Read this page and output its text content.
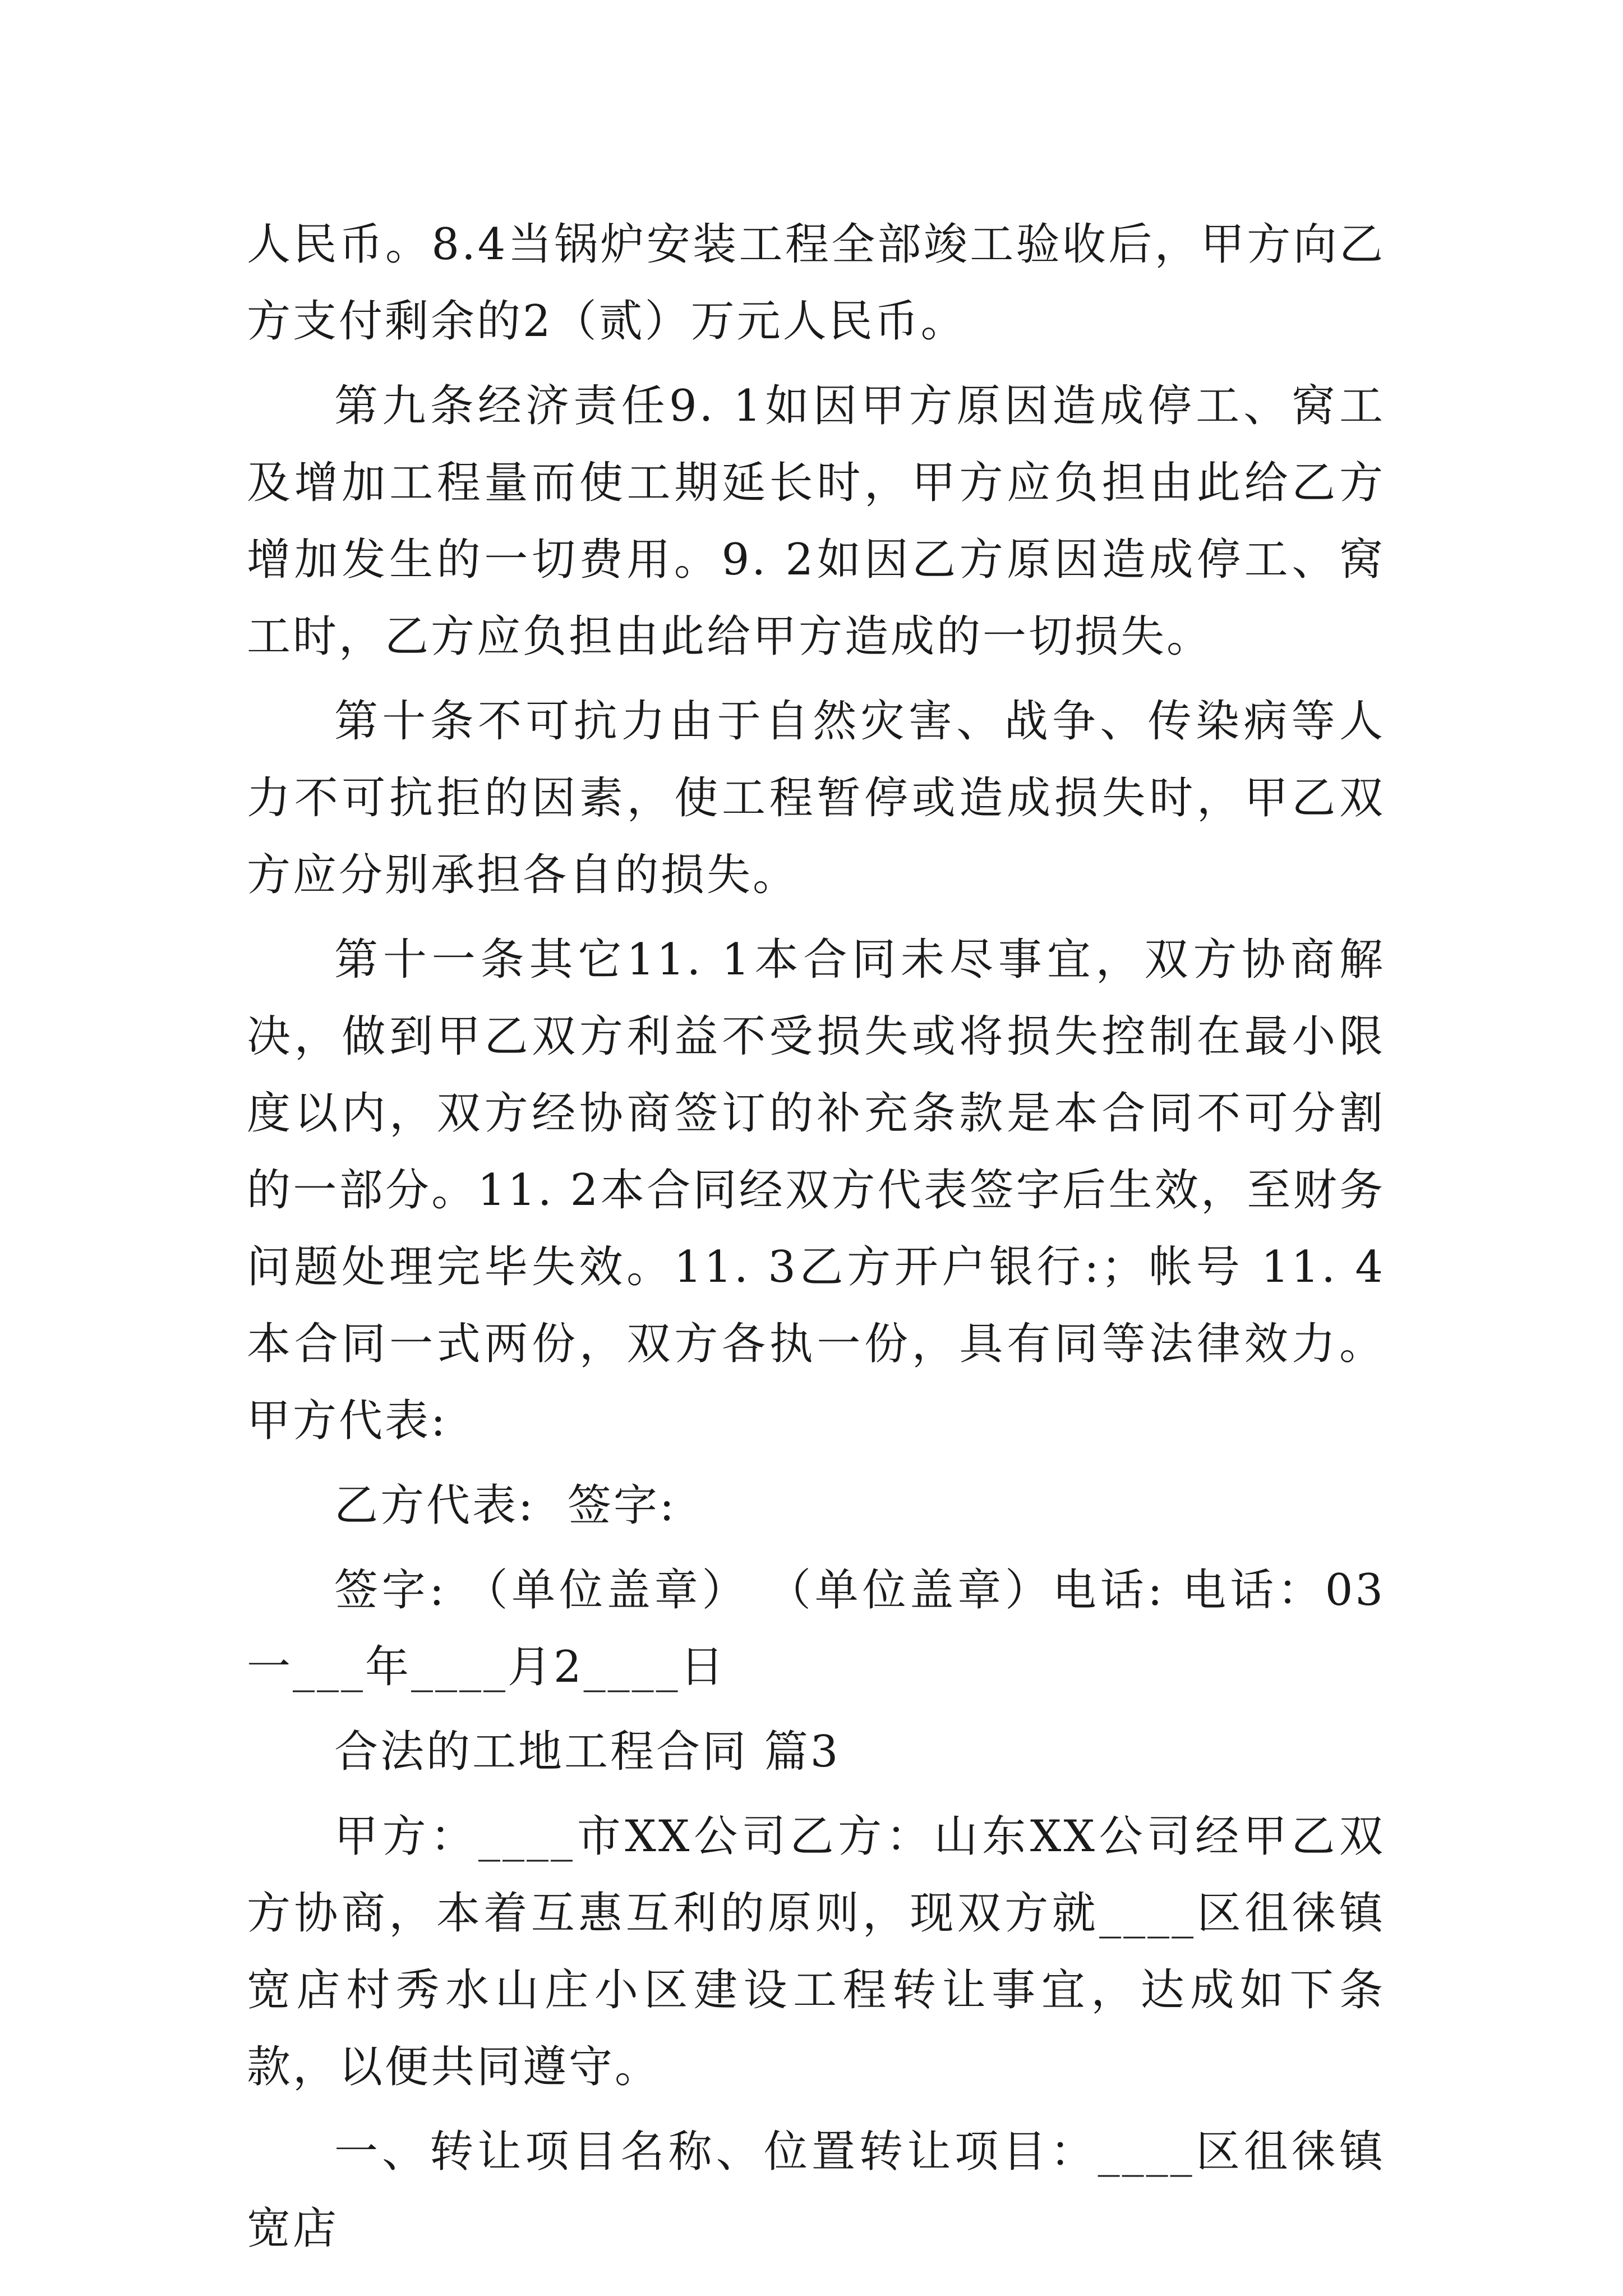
人民币。8.4当锅炉安装工程全部竣工验收后，甲方向乙方支付剩余的2（贰）万元人民币。

第九条经济责任9. 1如因甲方原因造成停工、窝工及增加工程量而使工期延长时，甲方应负担由此给乙方增加发生的一切费用。9. 2如因乙方原因造成停工、窝工时，乙方应负担由此给甲方造成的一切损失。

第十条不可抗力由于自然灾害、战争、传染病等人力不可抗拒的因素，使工程暂停或造成损失时，甲乙双方应分别承担各自的损失。

第十一条其它11. 1本合同未尽事宜，双方协商解决，做到甲乙双方利益不受损失或将损失控制在最小限度以内，双方经协商签订的补充条款是本合同不可分割的一部分。11. 2本合同经双方代表签字后生效，至财务问题处理完毕失效。11. 3乙方开户银行:；帐号 11. 4本合同一式两份，双方各执一份，具有同等法律效力。甲方代表:

乙方代表:  签字:

签字: （单位盖章） （单位盖章）电话: 电话：03一___年____月2____日

合法的工地工程合同 篇3

甲方：____市XX公司乙方：山东XX公司经甲乙双方协商，本着互惠互利的原则，现双方就____区徂徕镇宽店村秀水山庄小区建设工程转让事宜，达成如下条款，以便共同遵守。

一、转让项目名称、位置转让项目：____区徂徕镇宽店
